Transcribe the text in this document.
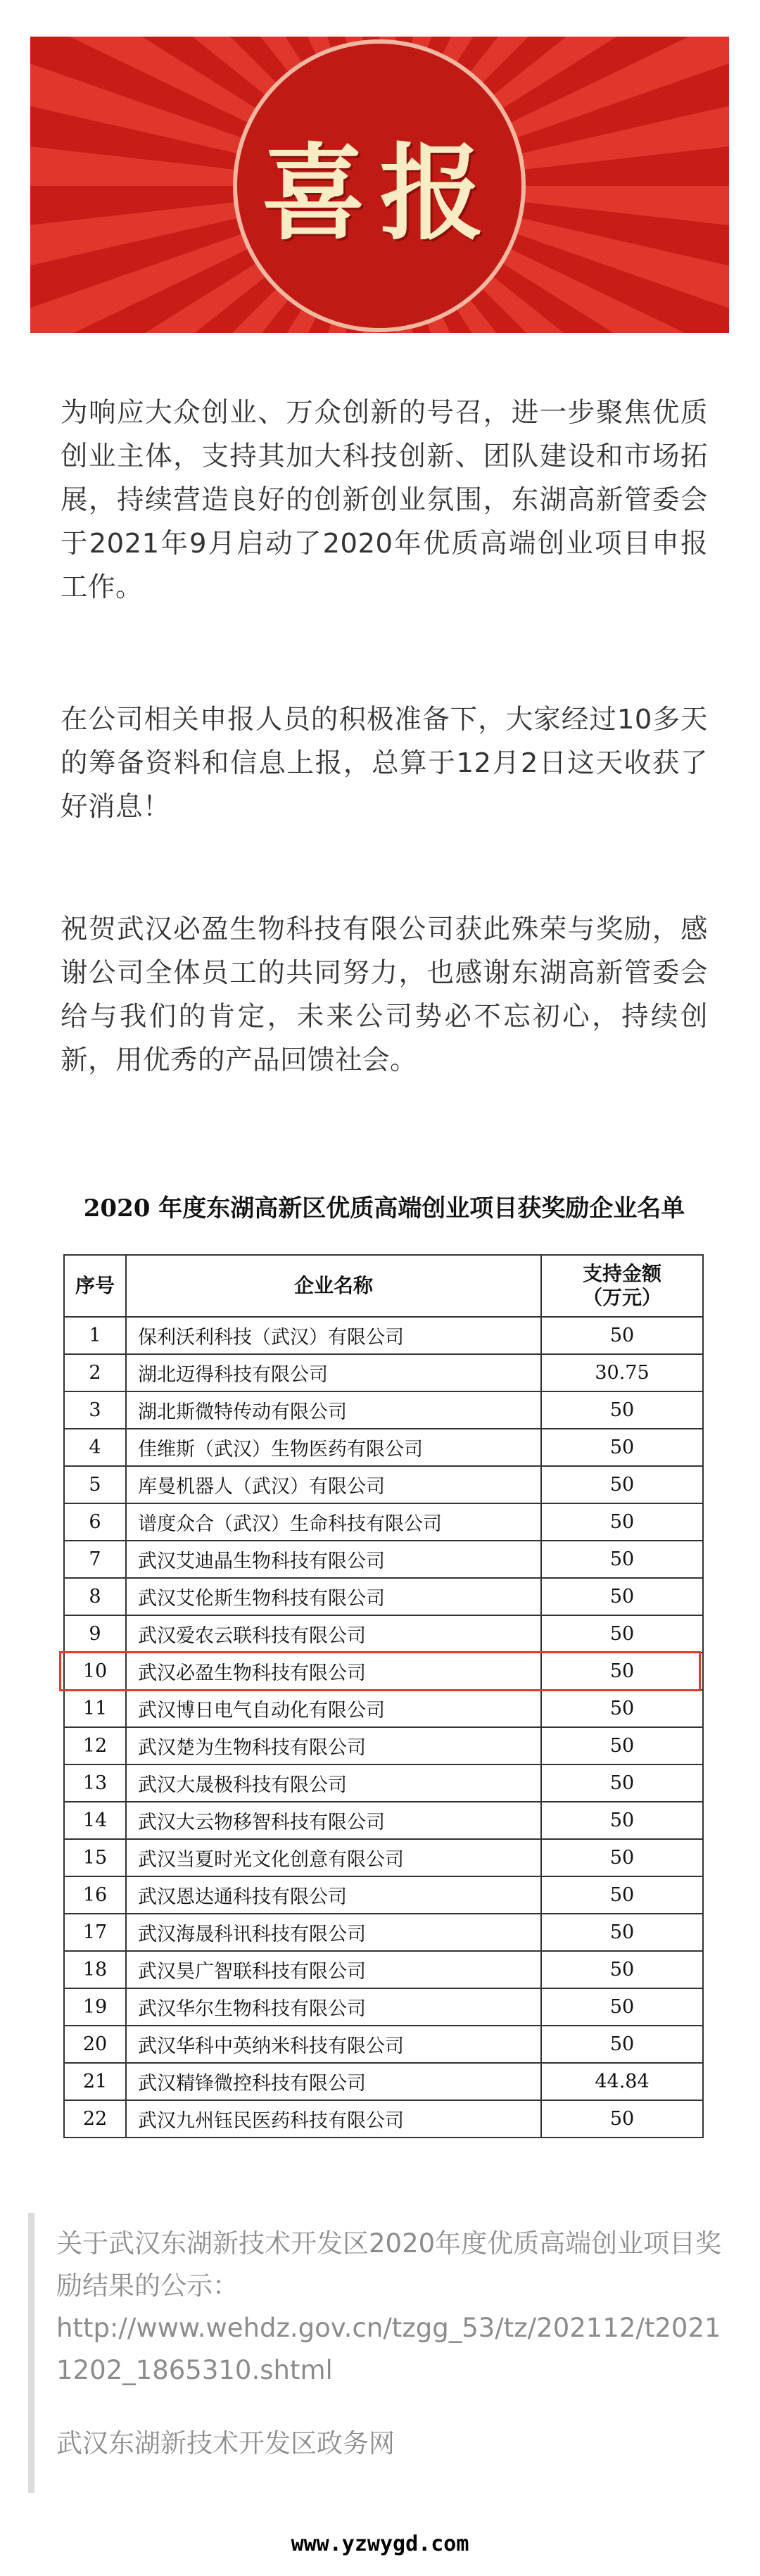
喜报

为响应大众创业、万众创新的号召，进一步聚焦优质创业主体，支持其加大科技创新、团队建设和市场拓展，持续营造良好的创新创业氛围，东湖高新管委会于2021年9月启动了2020年优质高端创业项目申报工作。

在公司相关申报人员的积极准备下，大家经过10多天的筹备资料和信息上报，总算于12月2日这天收获了好消息！

祝贺武汉必盈生物科技有限公司获此殊荣与奖励，感谢公司全体员工的共同努力，也感谢东湖高新管委会给与我们的肯定，未来公司势必不忘初心，持续创新，用优秀的产品回馈社会。

2020 年度东湖高新区优质高端创业项目获奖励企业名单
序号	企业名称	支持金额
（万元）
1	保利沃利科技（武汉）有限公司	50
2	湖北迈得科技有限公司	30.75
3	湖北斯微特传动有限公司	50
4	佳维斯（武汉）生物医药有限公司	50
5	库曼机器人（武汉）有限公司	50
6	谱度众合（武汉）生命科技有限公司	50
7	武汉艾迪晶生物科技有限公司	50
8	武汉艾伦斯生物科技有限公司	50
9	武汉爱农云联科技有限公司	50
10	武汉必盈生物科技有限公司	50
11	武汉博日电气自动化有限公司	50
12	武汉楚为生物科技有限公司	50
13	武汉大晟极科技有限公司	50
14	武汉大云物移智科技有限公司	50
15	武汉当夏时光文化创意有限公司	50
16	武汉恩达通科技有限公司	50
17	武汉海晟科讯科技有限公司	50
18	武汉昊广智联科技有限公司	50
19	武汉华尔生物科技有限公司	50
20	武汉华科中英纳米科技有限公司	50
21	武汉精锋微控科技有限公司	44.84
22	武汉九州钰民医药科技有限公司	50

关于武汉东湖新技术开发区2020年度优质高端创业项目奖励结果的公示：

http://www.wehdz.gov.cn/tzgg_53/tz/202112/t20211202_1865310.shtml

武汉东湖新技术开发区政务网

www.yzwygd.com
